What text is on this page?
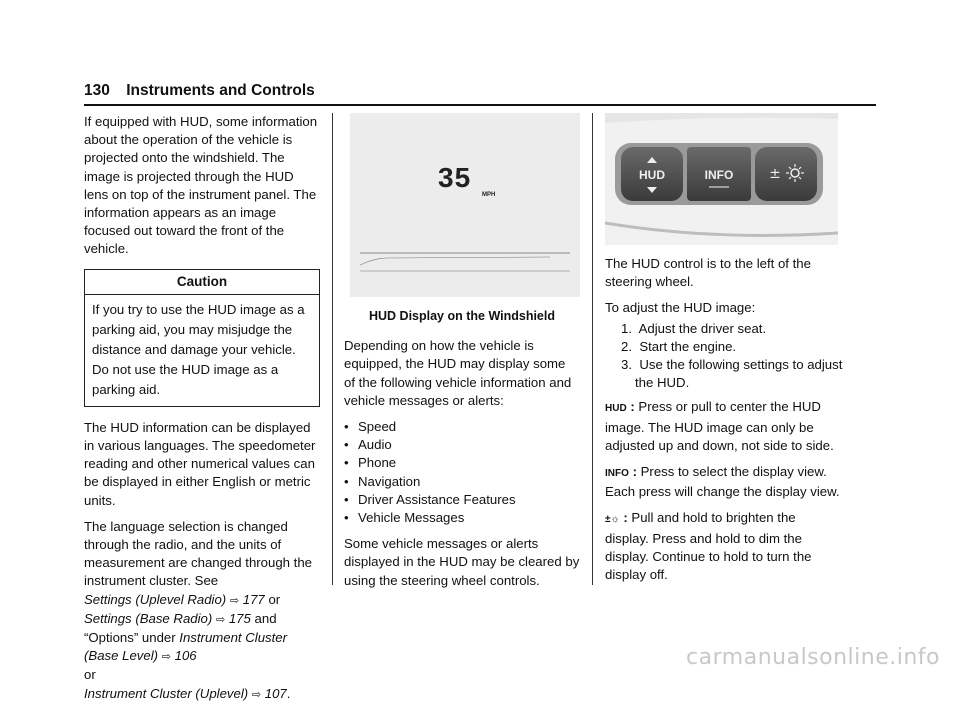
130 Instruments and Controls

If equipped with HUD, some information about the operation of the vehicle is projected onto the windshield. The image is projected through the HUD lens on top of the instrument panel. The information appears as an image focused out toward the front of the vehicle.

Caution
If you try to use the HUD image as a parking aid, you may misjudge the distance and damage your vehicle. Do not use the HUD image as a parking aid.

The HUD information can be displayed in various languages. The speedometer reading and other numerical values can be displayed in either English or metric units.

The language selection is changed through the radio, and the units of measurement are changed through the instrument cluster. See
Settings (Uplevel Radio) ⇨ 177 or
Settings (Base Radio) ⇨ 175 and “Options” under Instrument Cluster (Base Level) ⇨ 106
or
Instrument Cluster (Uplevel) ⇨ 107.

35
MPH
HUD Display on the Windshield

Depending on how the vehicle is equipped, the HUD may display some of the following vehicle information and vehicle messages or alerts:

• Speed
• Audio
• Phone
• Navigation
• Driver Assistance Features
• Vehicle Messages

Some vehicle messages or alerts displayed in the HUD may be cleared by using the steering wheel controls.

HUD	INFO	±

The HUD control is to the left of the steering wheel.

To adjust the HUD image:

1.  Adjust the driver seat.
2.  Start the engine.
3.  Use the following settings to adjust the HUD.

HUD : Press or pull to center the HUD image. The HUD image can only be adjusted up and down, not side to side.

INFO : Press to select the display view. Each press will change the display view.

±☼ : Pull and hold to brighten the display. Press and hold to dim the display. Continue to hold to turn the display off.

carmanualsonline.info
